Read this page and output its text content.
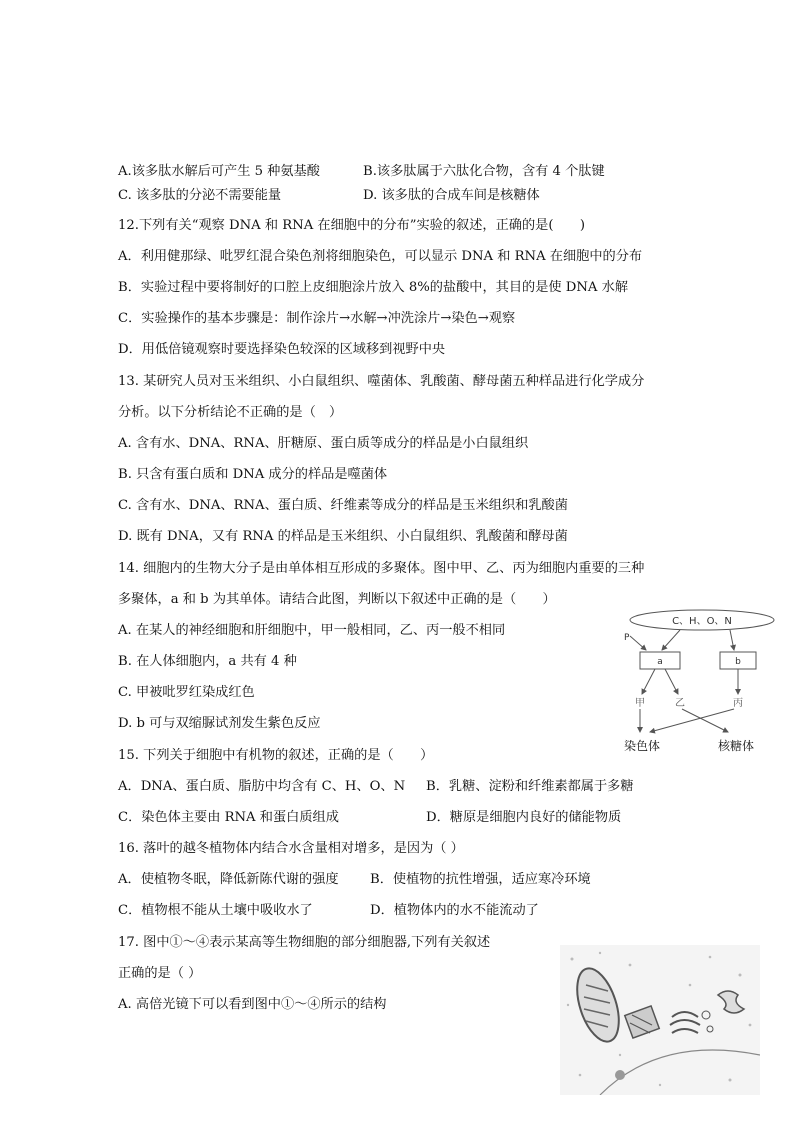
A.该多肽水解后可产生 5 种氨基酸	B.该多肽属于六肽化合物，含有 4 个肽键
C. 该多肽的分泌不需要能量	D. 该多肽的合成车间是核糖体
12.下列有关“观察 DNA 和 RNA 在细胞中的分布”实验的叙述，正确的是(　　)
A．利用健那绿、吡罗红混合染色剂将细胞染色，可以显示 DNA 和 RNA 在细胞中的分布
B．实验过程中要将制好的口腔上皮细胞涂片放入 8%的盐酸中，其目的是使 DNA 水解
C．实验操作的基本步骤是：制作涂片→水解→冲洗涂片→染色→观察
D．用低倍镜观察时要选择染色较深的区域移到视野中央
13. 某研究人员对玉米组织、小白鼠组织、噬菌体、乳酸菌、酵母菌五种样品进行化学成分
分析。以下分析结论不正确的是（　）
A. 含有水、DNA、RNA、肝糖原、蛋白质等成分的样品是小白鼠组织
B. 只含有蛋白质和 DNA 成分的样品是噬菌体
C. 含有水、DNA、RNA、蛋白质、纤维素等成分的样品是玉米组织和乳酸菌
D. 既有 DNA，又有 RNA 的样品是玉米组织、小白鼠组织、乳酸菌和酵母菌
14. 细胞内的生物大分子是由单体相互形成的多聚体。图中甲、乙、丙为细胞内重要的三种
多聚体，a 和 b 为其单体。请结合此图，判断以下叙述中正确的是（　　）
A. 在某人的神经细胞和肝细胞中，甲一般相同，乙、丙一般不相同
B. 在人体细胞内，a 共有 4 种
C. 甲被吡罗红染成红色
D. b 可与双缩脲试剂发生紫色反应
C、H、O、N
P
a	b
甲	乙	丙
染色体	核糖体
15. 下列关于细胞中有机物的叙述，正确的是（　　）
A．DNA、蛋白质、脂肪中均含有 C、H、O、N B．乳糖、淀粉和纤维素都属于多糖
C．染色体主要由 RNA 和蛋白质组成	D．糖原是细胞内良好的储能物质
16. 落叶的越冬植物体内结合水含量相对增多，是因为（ ）
A．使植物冬眠，降低新陈代谢的强度 B．使植物的抗性增强，适应寒冷环境
C．植物根不能从土壤中吸收水了	D．植物体内的水不能流动了
17. 图中①～④表示某高等生物细胞的部分细胞器,下列有关叙述
正确的是（ ）
A. 高倍光镜下可以看到图中①～④所示的结构
